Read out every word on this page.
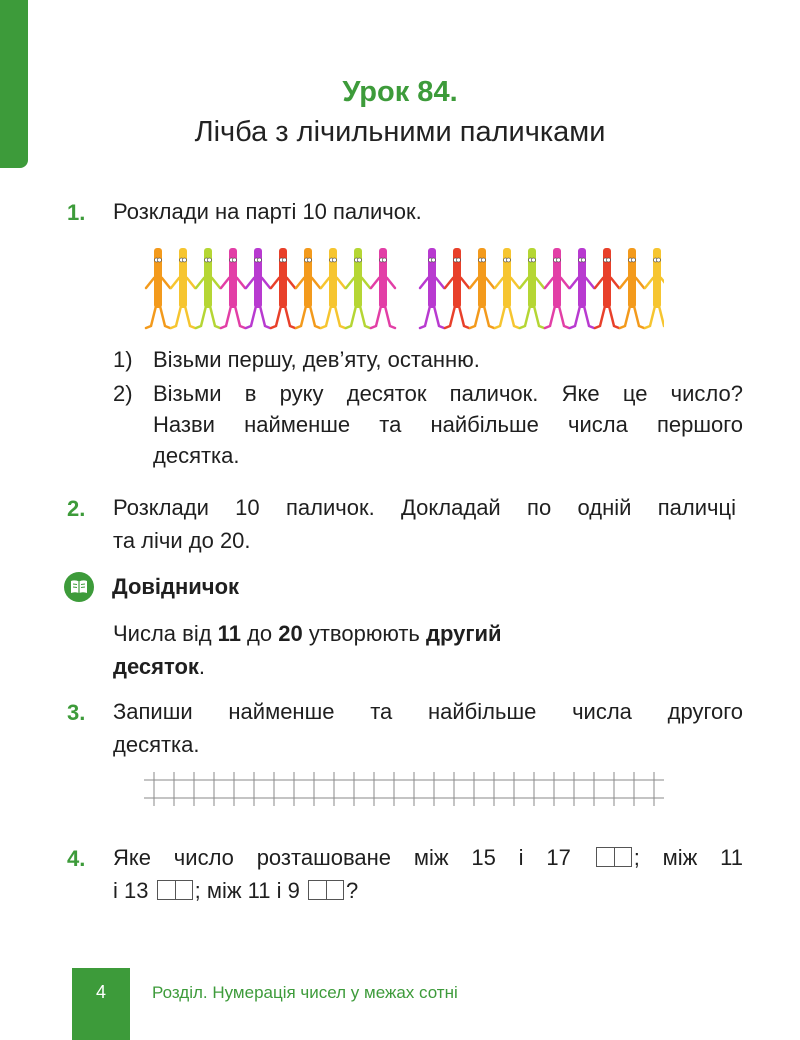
Урок 84.
Лічба з лічильними паличками
1. Розклади на парті 10 паличок.
1) Візьми першу, дев’яту, останню.
2) Візьми в руку десяток паличок. Яке це число?
Назви найменше та найбільше числа першого
десятка.
2. Розклади 10 паличок. Докладай по одній паличці
та лічи до 20.
Довідничок
Числа від 11 до 20 утворюють другий
десяток.
3. Запиши найменше та найбільше числа другого
десятка.
4. Яке число розташоване між 15 і 17	; між 11
і 13 ; між 11 і 9 ?
4	Розділ. Нумерація чисел у межах сотні
